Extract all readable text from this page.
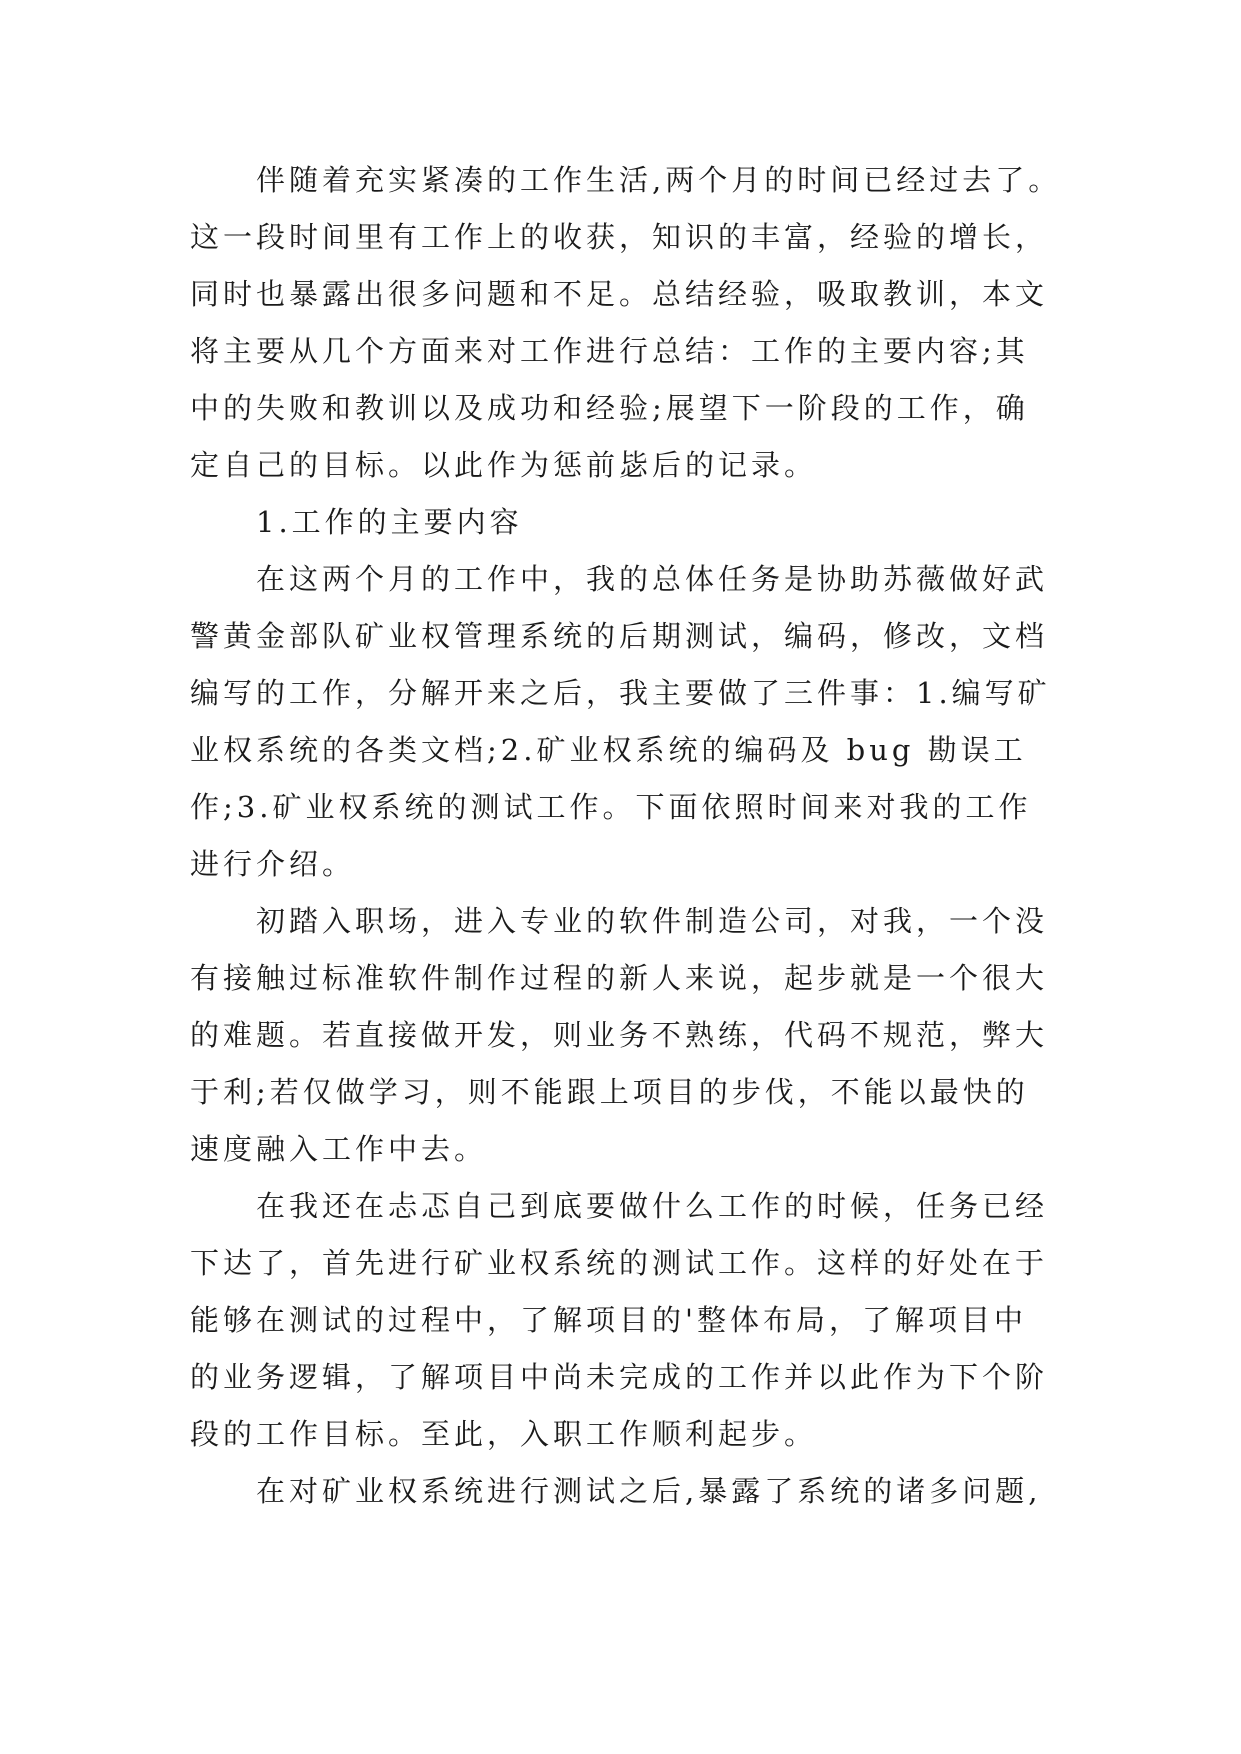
伴随着充实紧凑的工作生活,两个月的时间已经过去了。
这一段时间里有工作上的收获，知识的丰富，经验的增长，
同时也暴露出很多问题和不足。总结经验，吸取教训，本文
将主要从几个方面来对工作进行总结：工作的主要内容;其
中的失败和教训以及成功和经验;展望下一阶段的工作，确
定自己的目标。以此作为惩前毖后的记录。
1.工作的主要内容
在这两个月的工作中，我的总体任务是协助苏薇做好武
警黄金部队矿业权管理系统的后期测试，编码，修改，文档
编写的工作，分解开来之后，我主要做了三件事：1.编写矿
业权系统的各类文档;2.矿业权系统的编码及 bug 勘误工
作;3.矿业权系统的测试工作。下面依照时间来对我的工作
进行介绍。
初踏入职场，进入专业的软件制造公司，对我，一个没
有接触过标准软件制作过程的新人来说，起步就是一个很大
的难题。若直接做开发，则业务不熟练，代码不规范，弊大
于利;若仅做学习，则不能跟上项目的步伐，不能以最快的
速度融入工作中去。
在我还在忐忑自己到底要做什么工作的时候，任务已经
下达了，首先进行矿业权系统的测试工作。这样的好处在于
能够在测试的过程中，了解项目的'整体布局，了解项目中
的业务逻辑，了解项目中尚未完成的工作并以此作为下个阶
段的工作目标。至此，入职工作顺利起步。
在对矿业权系统进行测试之后,暴露了系统的诸多问题,
